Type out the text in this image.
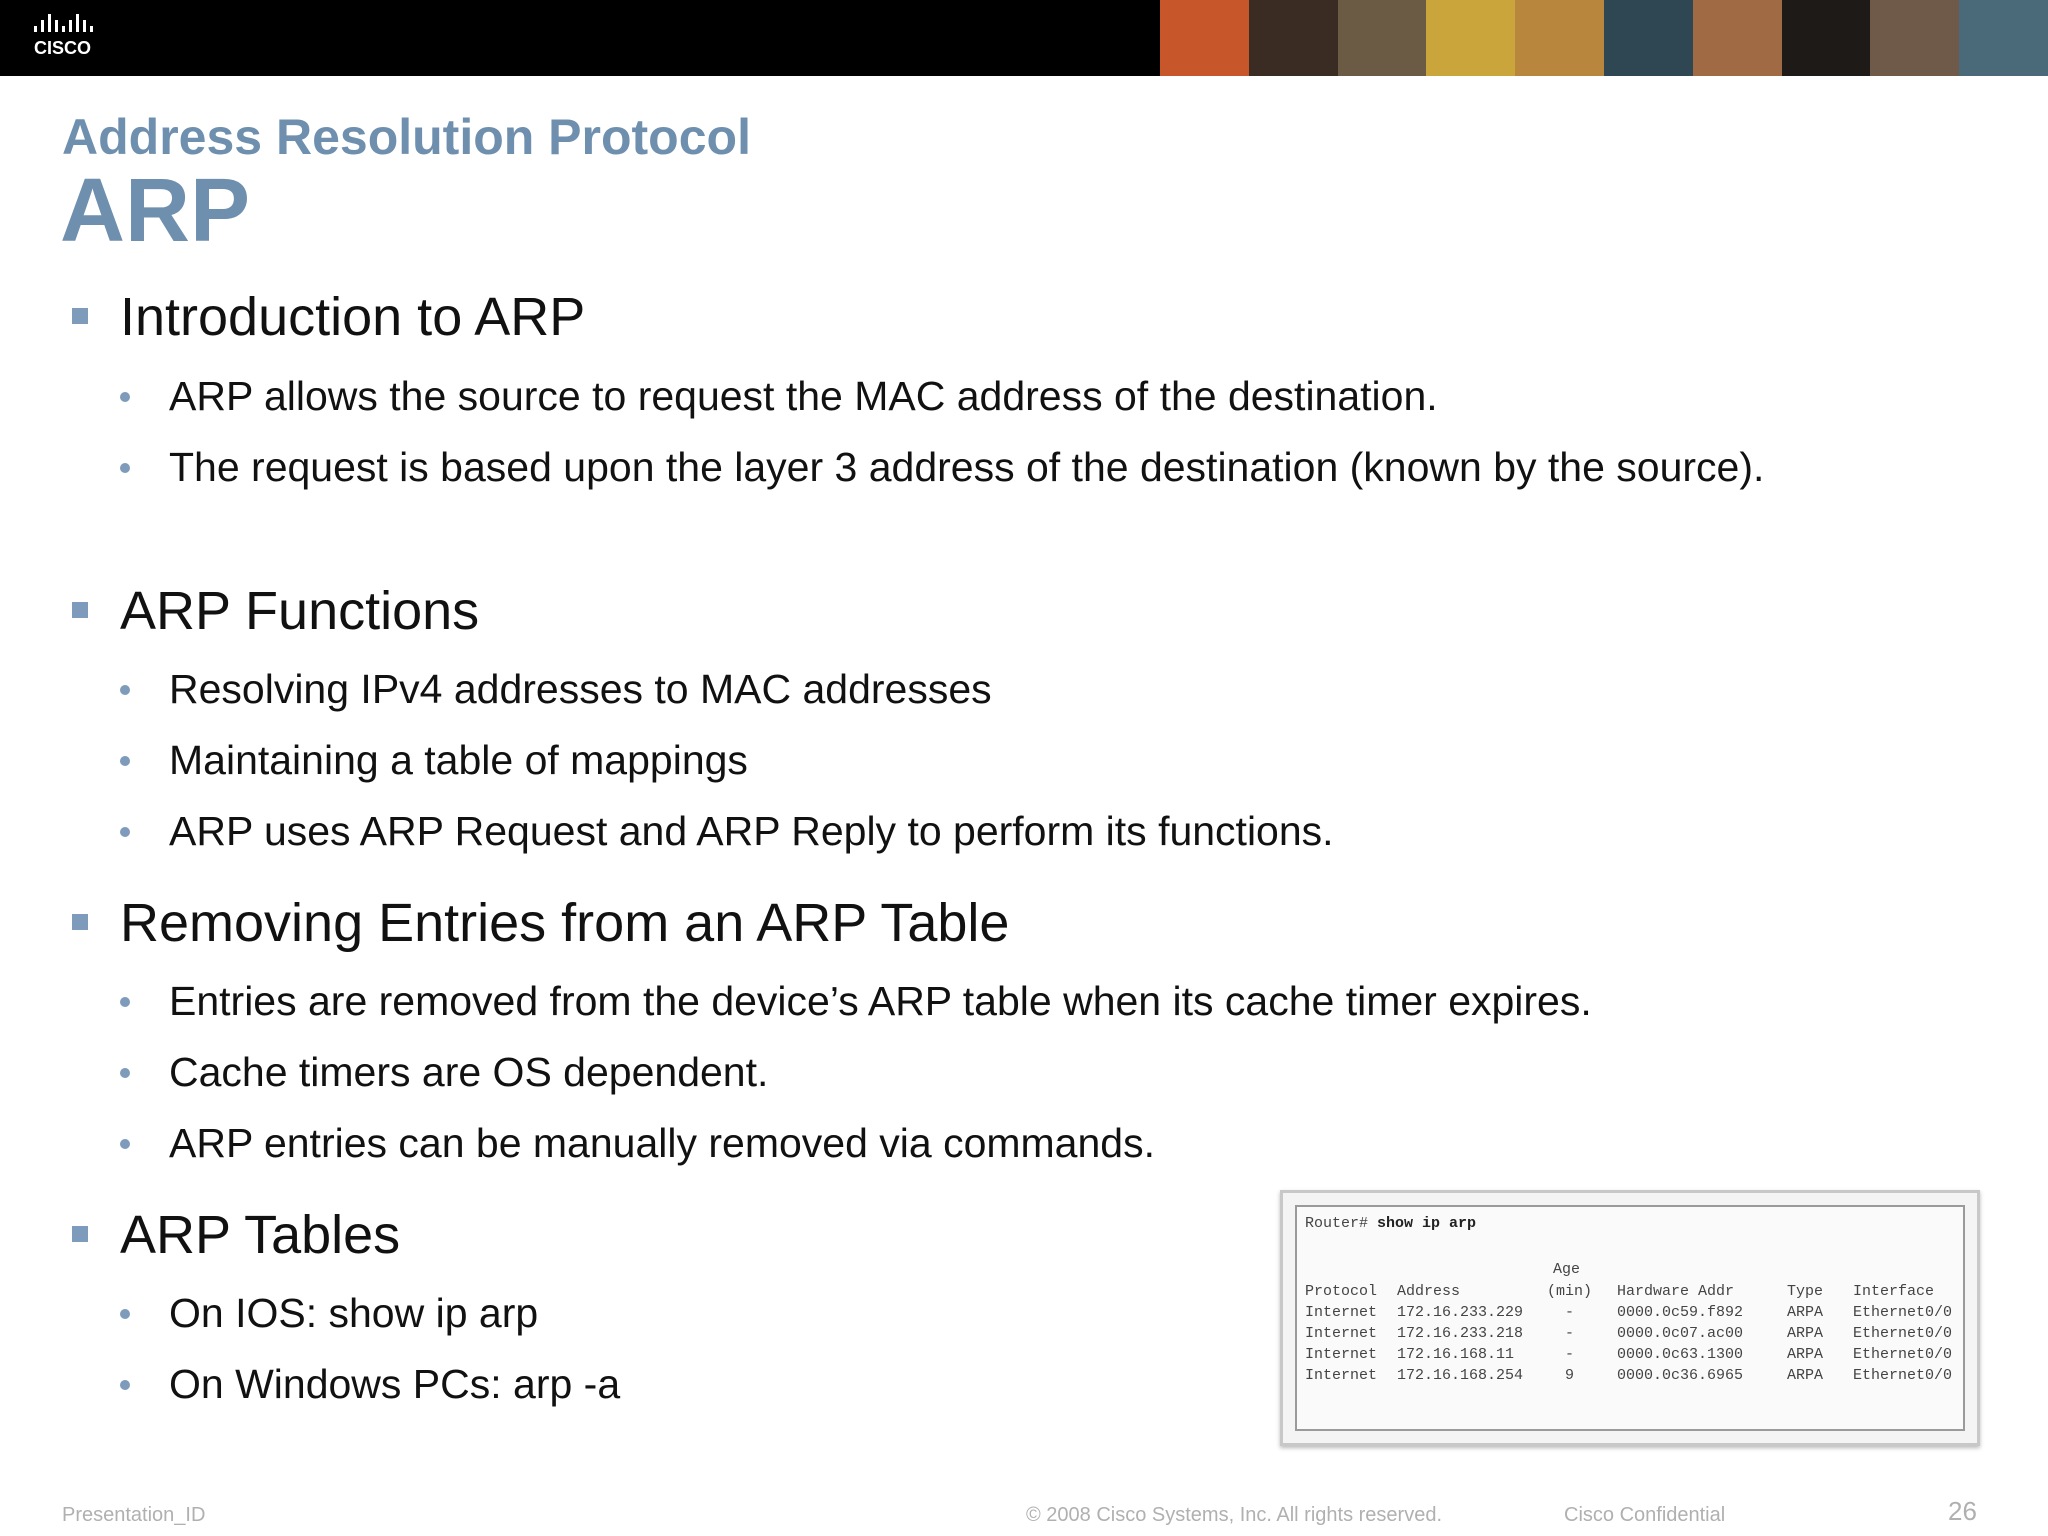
CISCO
Address Resolution Protocol
ARP
Introduction to ARP
ARP allows the source to request the MAC address of the destination.
The request is based upon the layer 3 address of the destination (known by the source).
ARP Functions
Resolving IPv4 addresses to MAC addresses
Maintaining a table of mappings
ARP uses ARP Request and ARP Reply to perform its functions.
Removing Entries from an ARP Table
Entries are removed from the device’s ARP table when its cache timer expires.
Cache timers are OS dependent.
ARP entries can be manually removed via commands.
ARP Tables
On IOS: show ip arp
On Windows PCs: arp -a
Router# show ip arp
Age
Protocol Address	(min) Hardware Addr	Type Interface
Internet 172.16.233.229	-	0000.0c59.f892	ARPA Ethernet0/0
Internet 172.16.233.218	-	0000.0c07.ac00	ARPA Ethernet0/0
Internet 172.16.168.11	-	0000.0c63.1300	ARPA Ethernet0/0
Internet 172.16.168.254	9	0000.0c36.6965	ARPA Ethernet0/0
Presentation_ID	© 2008 Cisco Systems, Inc. All rights reserved.	Cisco Confidential	26
